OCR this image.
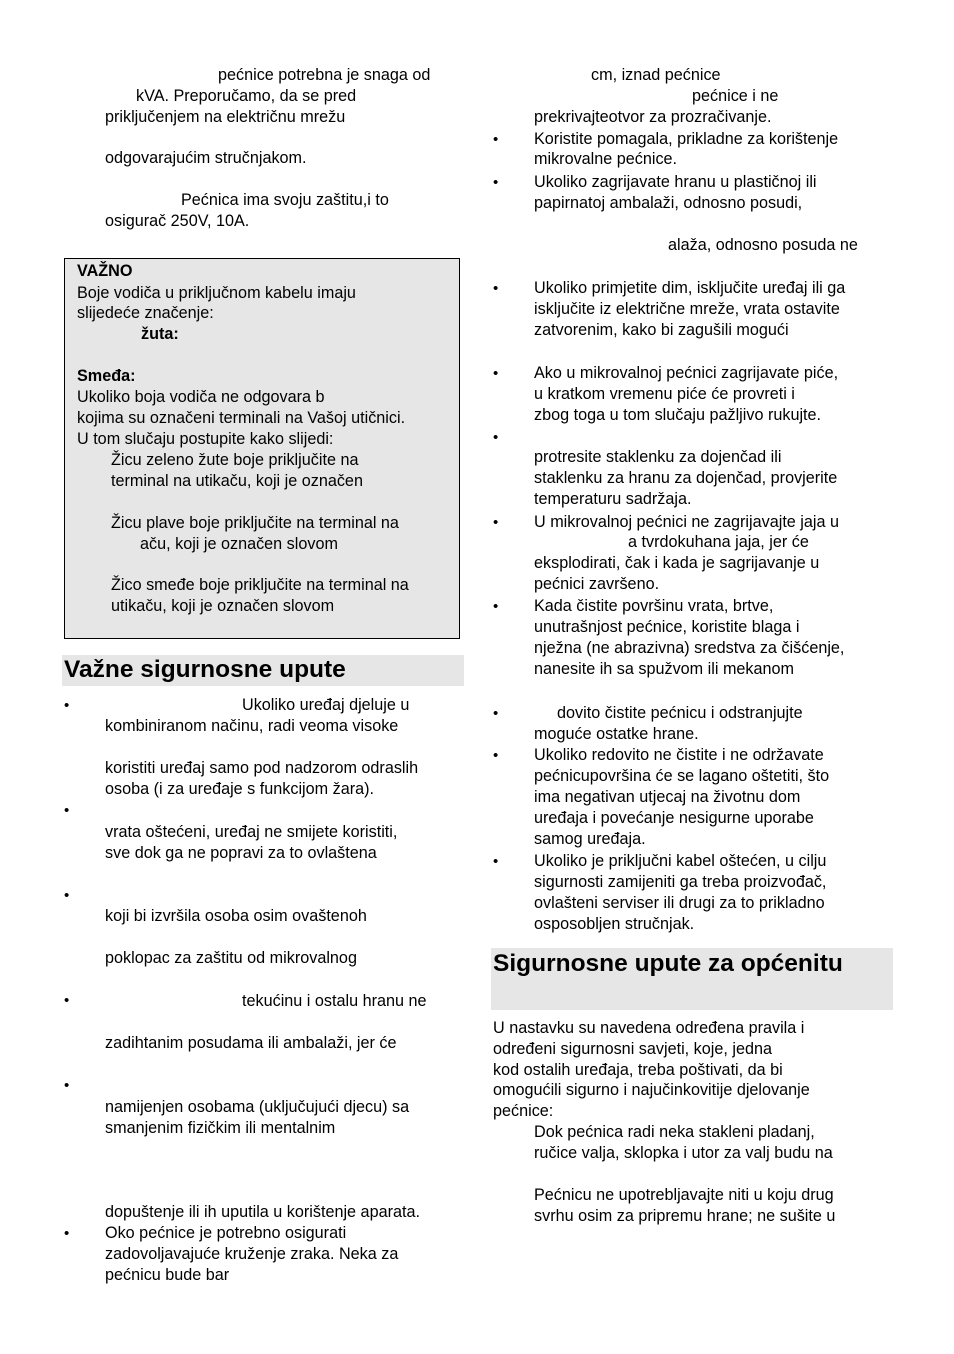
pećnice potrebna je snaga od
kVA. Preporučamo, da se pred
priključenjem na električnu mrežu
odgovarajućim stručnjakom.
Pećnica ima svoju zaštitu,i to
osigurač 250V, 10A.
VAŽNO
Boje vodiča u priključnom kabelu imaju
slijedeće značenje:
žuta:
Smeđa:
Ukoliko boja vodiča ne odgovara b
kojima su označeni terminali na Vašoj utičnici.
U tom slučaju postupite kako slijedi:
Žicu zeleno žute boje priključite na
terminal na utikaču, koji je označen
Žicu plave boje priključite na terminal na
aču, koji je označen slovom
Žico smeđe boje priključite na terminal na
utikaču, koji je označen slovom
Važne sigurnosne upute
•	Ukoliko uređaj djeluje u
kombiniranom načinu, radi veoma visoke
koristiti uređaj samo pod nadzorom odraslih
osoba (i za uređaje s funkcijom žara).
•
vrata oštećeni, uređaj ne smijete koristiti,
sve dok ga ne popravi za to ovlaštena
•
koji bi izvršila osoba osim ovaštenoh
poklopac za zaštitu od mikrovalnog
•	tekućinu i ostalu hranu ne
zadihtanim posudama ili ambalaži, jer će
•
namijenjen osobama (uključujući djecu) sa
smanjenim fizičkim ili mentalnim
dopuštenje ili ih uputila u korištenje aparata.
• Oko pećnice je potrebno osigurati
zadovoljavajuće kruženje zraka. Neka za
pećnicu bude bar
cm, iznad pećnice
pećnice i ne
prekrivajteotvor za prozračivanje.
• Koristite pomagala, prikladne za korištenje
mikrovalne pećnice.
• Ukoliko zagrijavate hranu u plastičnoj ili
papirnatoj ambalaži, odnosno posudi,
alaža, odnosno posuda ne
• Ukoliko primjetite dim, isključite uređaj ili ga
isključite iz električne mreže, vrata ostavite
zatvorenim, kako bi zagušili mogući
• Ako u mikrovalnoj pećnici zagrijavate piće,
u kratkom vremenu piće će provreti i
zbog toga u tom slučaju pažljivo rukujte.
•
protresite staklenku za dojenčad ili
staklenku za hranu za dojenčad, provjerite
temperaturu sadržaja.
• U mikrovalnoj pećnici ne zagrijavajte jaja u
a tvrdokuhana jaja, jer će
eksplodirati, čak i kada je sagrijavanje u
pećnici završeno.
• Kada čistite površinu vrata, brtve,
unutrašnjost pećnice, koristite blaga i
nježna (ne abrazivna) sredstva za čišćenje,
nanesite ih sa spužvom ili mekanom
•	dovito čistite pećnicu i odstranjujte
moguće ostatke hrane.
• Ukoliko redovito ne čistite i ne održavate
pećnicupovršina će se lagano oštetiti, što
ima negativan utjecaj na životnu dom
uređaja i povećanje nesigurne uporabe
samog uređaja.
• Ukoliko je priključni kabel oštećen, u cilju
sigurnosti zamijeniti ga treba proizvođač,
ovlašteni serviser ili drugi za to prikladno
osposobljen stručnjak.
Sigurnosne upute za općenitu
U nastavku su navedena određena pravila i
određeni sigurnosni savjeti, koje, jedna
kod ostalih uređaja, treba poštivati, da bi
omogućili sigurno i najučinkovitije djelovanje
pećnice:
Dok pećnica radi neka stakleni pladanj,
ručice valja, sklopka i utor za valj budu na
Pećnicu ne upotrebljavajte niti u koju drug
svrhu osim za pripremu hrane; ne sušite u
